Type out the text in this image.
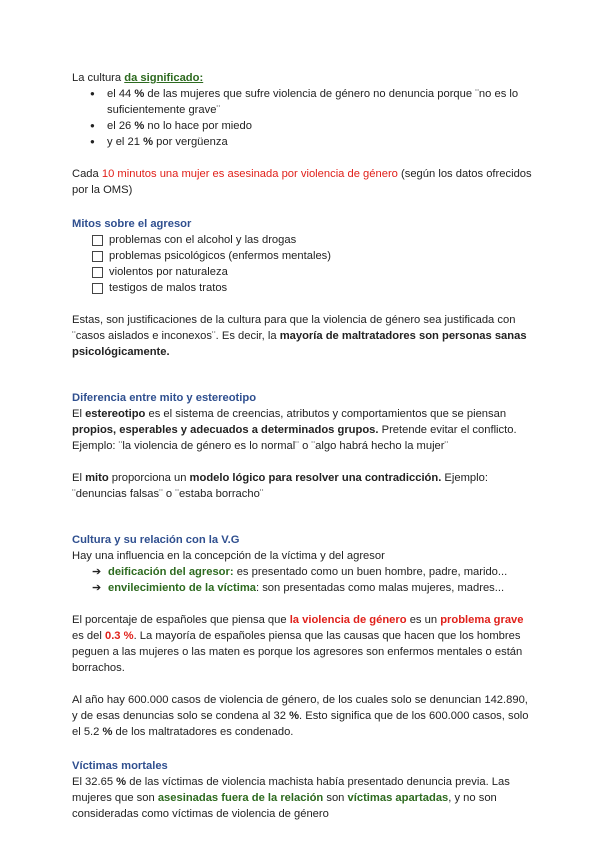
La cultura da significado:

● el 44 % de las mujeres que sufre violencia de género no denuncia porque ¨no es lo suficientemente grave¨
● el 26 % no lo hace por miedo
● y el 21 % por vergüenza

Cada 10 minutos una mujer es asesinada por violencia de género (según los datos ofrecidos por la OMS)

Mitos sobre el agresor

problemas con el alcohol y las drogas
problemas psicológicos (enfermos mentales)
violentos por naturaleza
testigos de malos tratos

Estas, son justificaciones de la cultura para que la violencia de género sea justificada con ¨casos aislados e inconexos¨. Es decir, la mayoría de maltratadores son personas sanas psicológicamente.

Diferencia entre mito y estereotipo

El estereotipo es el sistema de creencias, atributos y comportamientos que se piensan propios, esperables y adecuados a determinados grupos. Pretende evitar el conflicto.

Ejemplo: ¨la violencia de género es lo normal¨ o ¨algo habrá hecho la mujer¨

El mito proporciona un modelo lógico para resolver una contradicción. Ejemplo: ¨denuncias falsas¨ o ¨estaba borracho¨

Cultura y su relación con la V.G

Hay una influencia en la concepción de la víctima y del agresor

➔ deificación del agresor: es presentado como un buen hombre, padre, marido...
➔ envilecimiento de la víctima: son presentadas como malas mujeres, madres...

El porcentaje de españoles que piensa que la violencia de género es un problema grave es del 0.3 %. La mayoría de españoles piensa que las causas que hacen que los hombres peguen a las mujeres o las maten es porque los agresores son enfermos mentales o están borrachos.

Al año hay 600.000 casos de violencia de género, de los cuales solo se denuncian 142.890, y de esas denuncias solo se condena al 32 %. Esto significa que de los 600.000 casos, solo el 5.2 % de los maltratadores es condenado.

Víctimas mortales

El 32.65 % de las víctimas de violencia machista había presentado denuncia previa. Las mujeres que son asesinadas fuera de la relación son víctimas apartadas, y no son consideradas como víctimas de violencia de género
